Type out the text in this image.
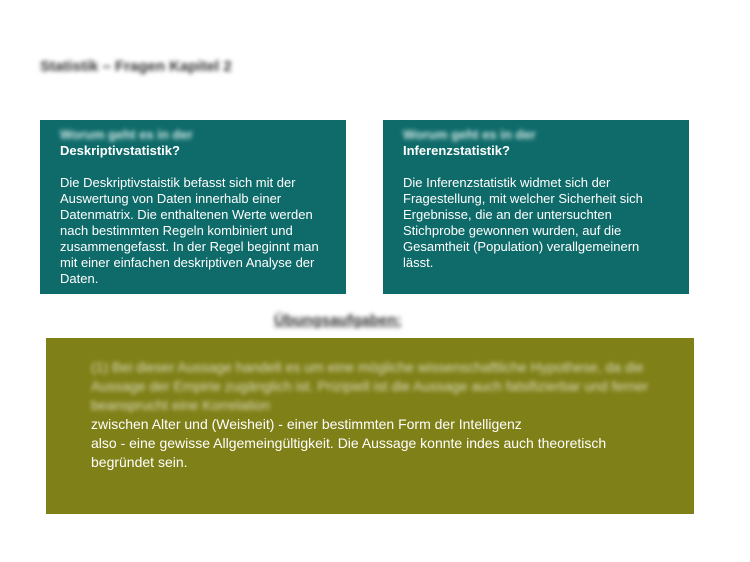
Statistik – Fragen Kapitel 2
Worum geht es in der
Deskriptivstatistik?
Die Deskriptivstaistik befasst sich mit der Auswertung von Daten innerhalb einer Datenmatrix. Die enthaltenen Werte werden nach bestimmten Regeln kombiniert und zusammengefasst. In der Regel beginnt man mit einer einfachen deskriptiven Analyse der Daten.
Worum geht es in der
Inferenzstatistik?
Die Inferenzstatistik widmet sich der Fragestellung, mit welcher Sicherheit sich Ergebnisse, die an der untersuchten Stichprobe gewonnen wurden, auf die Gesamtheit (Population) verallgemeinern lässt.
Übungsaufgaben:
(1) Bei dieser Aussage handelt es um eine mögliche wissenschaftliche Hypothese, da die Aussage der Empirie zugänglich ist. Prizipiell ist die Aussage auch falsifizierbar und ferner beansprucht eine Korrelation
zwischen Alter und (Weisheit) - einer bestimmten Form der Intelligenz
also - eine gewisse Allgemeingültigkeit. Die Aussage konnte indes auch theoretisch begründet sein.
